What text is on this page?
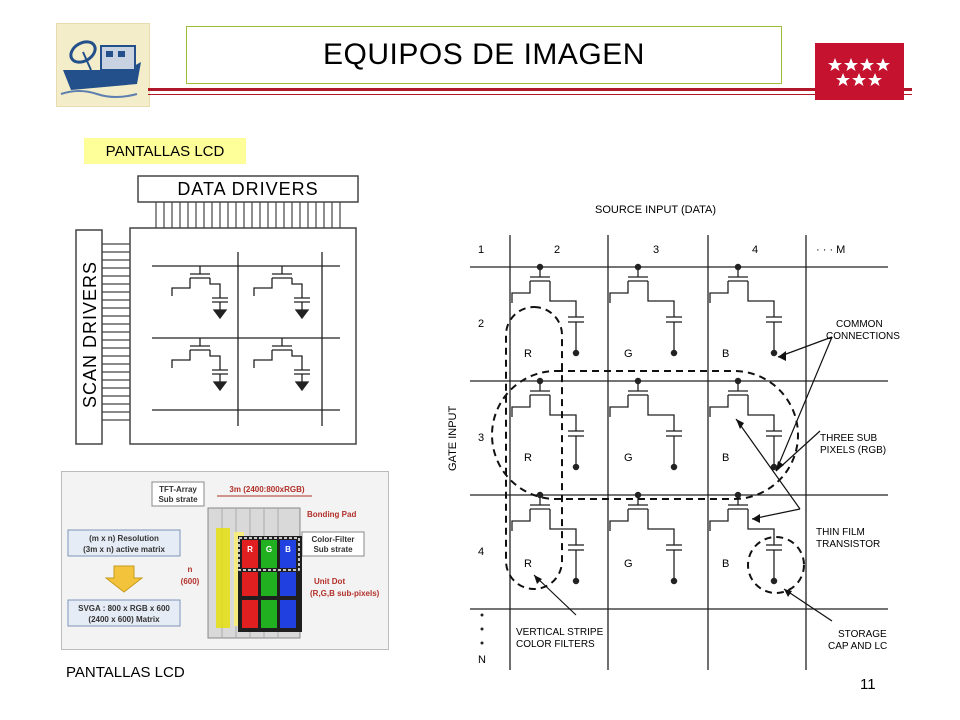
EQUIPOS DE IMAGEN
PANTALLAS LCD
DATA DRIVERS
SCAN DRIVERS
TFT-Array
Sub strate
3m (2400:800xRGB)
Bonding Pad
Color-Filter
Sub strate
(m x n) Resolution
(3m x n) active matrix
SVGA : 800 x RGB x 600
(2400 x 600) Matrix
n
(600)
R G B
Unit Dot
(R,G,B sub-pixels)
SOURCE INPUT (DATA)
GATE INPUT
1	2	3	4	· · · M
2
3
4
N
R	G	B
R	G	B
R	G	B
COMMON
CONNECTIONS
THREE SUB
PIXELS (RGB)
THIN FILM
TRANSISTOR
VERTICAL STRIPE
COLOR FILTERS
STORAGE
CAP AND LC
PANTALLAS LCD
11
